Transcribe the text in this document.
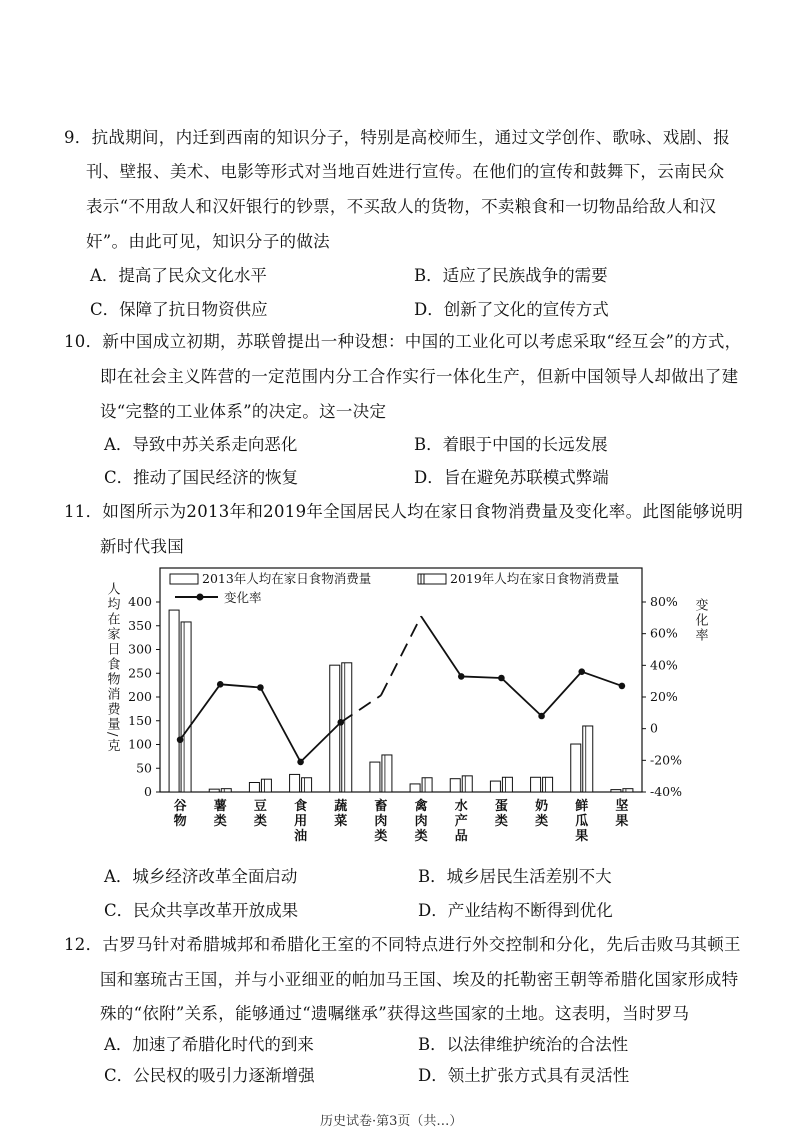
9．抗战期间，内迁到西南的知识分子，特别是高校师生，通过文学创作、歌咏、戏剧、报
刊、壁报、美术、电影等形式对当地百姓进行宣传。在他们的宣传和鼓舞下，云南民众
表示“不用敌人和汉奸银行的钞票，不买敌人的货物，不卖粮食和一切物品给敌人和汉
奸”。由此可见，知识分子的做法
A．提高了民众文化水平	B．适应了民族战争的需要
C．保障了抗日物资供应	D．创新了文化的宣传方式
10．新中国成立初期，苏联曾提出一种设想：中国的工业化可以考虑采取“经互会”的方式，
即在社会主义阵营的一定范围内分工合作实行一体化生产，但新中国领导人却做出了建
设“完整的工业体系”的决定。这一决定
A．导致中苏关系走向恶化	B．着眼于中国的长远发展
C．推动了国民经济的恢复	D．旨在避免苏联模式弊端
11．如图所示为2013年和2019年全国居民人均在家日食物消费量及变化率。此图能够说明
新时代我国
2013年人均在家日食物消费量	2019年人均在家日食物消费量
变化率
人均在家日食物消费量/克	变化率
400
350
300
250
200
150
100
50
0
80%
60%
40%
20%
0
-20%
-40%
谷物
薯类
豆类
食用油
蔬菜
畜肉类
禽肉类
水产品
蛋类
奶类
鲜瓜果
坚果
A．城乡经济改革全面启动	B．城乡居民生活差别不大
C．民众共享改革开放成果	D．产业结构不断得到优化
12．古罗马针对希腊城邦和希腊化王室的不同特点进行外交控制和分化，先后击败马其顿王
国和塞琉古王国，并与小亚细亚的帕加马王国、埃及的托勒密王朝等希腊化国家形成特
殊的“依附”关系，能够通过“遗嘱继承”获得这些国家的土地。这表明，当时罗马
A．加速了希腊化时代的到来	B．以法律维护统治的合法性
C．公民权的吸引力逐渐增强	D．领土扩张方式具有灵活性
历史试卷·第3页（共…）
